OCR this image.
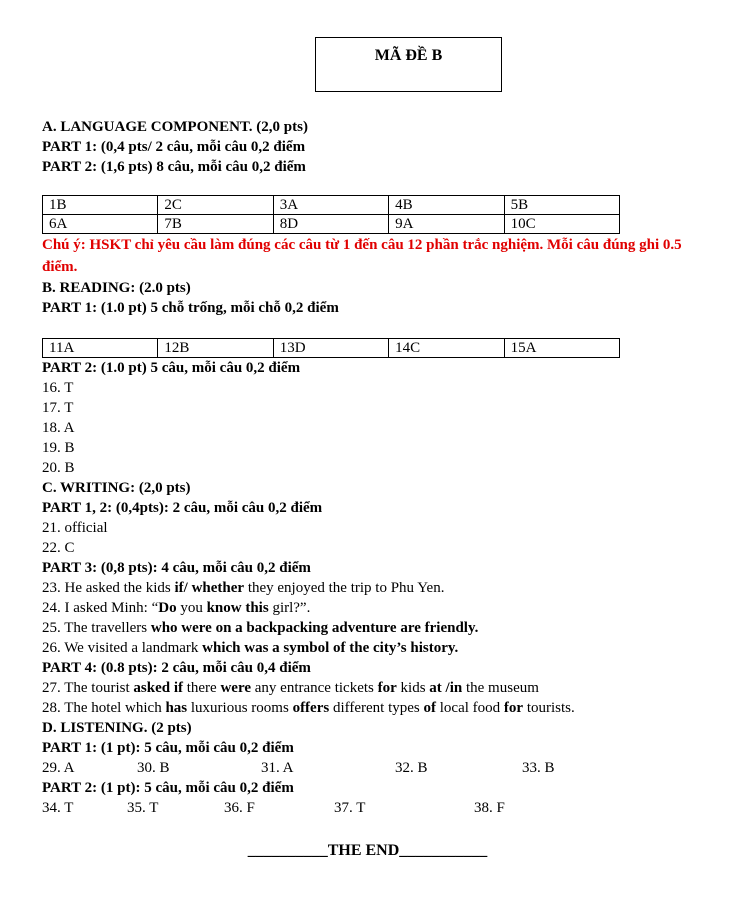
MÃ ĐỀ B
A. LANGUAGE COMPONENT. (2,0 pts)
PART 1: (0,4 pts/ 2 câu, mỗi câu 0,2 điểm
PART 2: (1,6 pts) 8 câu, mỗi câu 0,2 điểm
1B	2C	3A	4B	5B
6A	7B	8D	9A	10C
Chú ý: HSKT chỉ yêu cầu làm đúng các câu từ 1 đến câu 12 phần trắc nghiệm. Mỗi câu đúng ghi 0.5 điểm.
B. READING: (2.0 pts)
PART 1: (1.0 pt) 5 chỗ trống, mỗi chỗ 0,2 điểm
11A	12B	13D	14C	15A
PART 2: (1.0 pt) 5 câu, mỗi câu 0,2 điểm
16. T
17. T
18. A
19. B
20. B
C. WRITING: (2,0 pts)
PART 1, 2: (0,4pts): 2 câu, mỗi câu 0,2 điểm
21. official
22. C
PART 3: (0,8 pts): 4 câu, mỗi câu 0,2 điểm
23. He asked the kids if/ whether they enjoyed the trip to Phu Yen.
24. I asked Minh: “Do you know this girl?”.
25. The travellers who were on a backpacking adventure are friendly.
26. We visited a landmark which was a symbol of the city’s history.
PART 4: (0.8 pts): 2 câu, mỗi câu 0,4 điểm
27. The tourist asked if there were any entrance tickets for kids at /in the museum
28. The hotel which has luxurious rooms offers different types of local food for tourists.
D. LISTENING. (2 pts)
PART 1: (1 pt): 5 câu, mỗi câu 0,2 điểm
29. A	30. B	31. A	32. B	33. B
PART 2: (1 pt): 5 câu, mỗi câu 0,2 điểm
34. T	35. T	36. F	37. T	38. F
__________THE END___________
